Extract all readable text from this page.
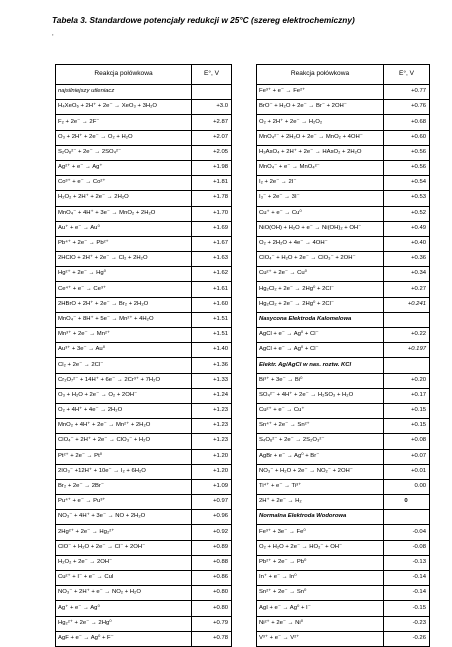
Tabela 3. Standardowe potencjały redukcji w 25°C (szereg elektrochemiczny)
,
Reakcja połówkowa	E°, V
najsilniejszy utleniacz	
H₄XeO₆ + 2H⁺ + 2e⁻ → XeO₃ + 3H₂O	+3.0
F₂ + 2e⁻ → 2F⁻	+2.87
O₃ + 2H⁺ + 2e⁻ → O₂ + H₂O	+2.07
S₂O₈²⁻ + 2e⁻ → 2SO₄²⁻	+2.05
Ag²⁺ + e⁻ → Ag⁺	+1.98
Co³⁺ + e⁻ → Co²⁺	+1.81
H₂O₂ + 2H⁺ + 2e⁻ → 2H₂O	+1.78
MnO₄⁻ + 4H⁺ + 3e⁻ → MnO₂ + 2H₂O	+1.70
Au⁺ + e⁻ → Au⁰	+1.69
Pb⁴⁺ + 2e⁻ → Pb²⁺	+1.67
2HClO + 2H⁺ + 2e⁻ → Cl₂ + 2H₂O	+1.63
Hg²⁺ + 2e⁻ → Hg⁰	+1.62
Ce⁴⁺ + e⁻ → Ce³⁺	+1.61
2HBrO + 2H⁺ + 2e⁻ → Br₂ + 2H₂O	+1.60
MnO₄⁻ + 8H⁺ + 5e⁻ → Mn²⁺ + 4H₂O	+1.51
Mn³⁺ + 2e⁻ → Mn²⁺	+1.51
Au³⁺ + 3e⁻ → Au⁰	+1.40
Cl₂ + 2e⁻ → 2Cl⁻	+1.36
Cr₂O₇²⁻ + 14H⁺ + 6e⁻ → 2Cr³⁺ + 7H₂O	+1.33
O₃ + H₂O + 2e⁻ → O₂ + 2OH⁻	+1.24
O₂ + 4H⁺ + 4e⁻ → 2H₂O	+1.23
MnO₂ + 4H⁺ + 2e⁻ → Mn²⁺ + 2H₂O	+1.23
ClO₄⁻ + 2H⁺ + 2e⁻ → ClO₃⁻ + H₂O	+1.23
Pt²⁺ + 2e⁻ → Pt⁰	+1.20
2IO₃⁻ +12H⁺ + 10e⁻ → I₂ + 6H₂O	+1.20
Br₂ + 2e⁻ → 2Br⁻	+1.09
Pu⁴⁺ + e⁻ → Pu³⁺	+0.97
NO₃⁻ + 4H⁺ + 3e⁻ → NO + 2H₂O	+0.96
2Hg²⁺ + 2e⁻ → Hg₂²⁺	+0.92
ClO⁻ + H₂O + 2e⁻ → Cl⁻ + 2OH⁻	+0.89
H₂O₂ + 2e⁻ → 2OH⁻	+0.88
Cu²⁺ + I⁻ + e⁻ → CuI	+0.86
NO₃⁻ + 2H⁺ + e⁻ → NO₂ + H₂O	+0.80
Ag⁺ + e⁻ → Ag⁰	+0.80
Hg₂²⁺ + 2e⁻ → 2Hg⁰	+0.79
AgF + e⁻ → Ag⁰ + F⁻	+0.78
Reakcja połówkowa	E°, V
Fe³⁺ + e⁻ → Fe²⁺	+0.77
BrO⁻ + H₂O + 2e⁻ → Br⁻ + 2OH⁻	+0.76
O₂ + 2H⁺ + 2e⁻ → H₂O₂	+0.68
MnO₄²⁻ + 2H₂O + 2e⁻ → MnO₂ + 4OH⁻	+0.60
H₃AsO₄ + 2H⁺ + 2e⁻ → HAsO₂ + 2H₂O	+0.56
MnO₄⁻ + e⁻ → MnO₄²⁻	+0.56
I₂ + 2e⁻ → 2I⁻	+0.54
I₃⁻ + 2e⁻ → 3I⁻	+0.53
Cu⁺ + e⁻ → Cu⁰	+0.52
NiO(OH) + H₂O + e⁻ → Ni(OH)₂ + OH⁻	+0.49
O₂ + 2H₂O + 4e⁻ → 4OH⁻	+0.40
ClO₄⁻ + H₂O + 2e⁻ → ClO₃⁻ + 2OH⁻	+0.36
Cu²⁺ + 2e⁻ → Cu⁰	+0.34
Hg₂Cl₂ + 2e⁻ → 2Hg⁰ + 2Cl⁻	+0.27
Hg₂Cl₂ + 2e⁻ → 2Hg⁰ + 2Cl⁻	+0.241
Nasycona Elektroda Kalomelowa	
AgCl + e⁻ → Ag⁰ + Cl⁻	+0.22
AgCl + e⁻ → Ag⁰ + Cl⁻	+0.197
Elektr. Ag/AgCl w nas. roztw. KCl	
Bi³⁺ + 3e⁻ → Bi⁰	+0.20
SO₄²⁻ + 4H⁺ + 2e⁻ → H₂SO₃ + H₂O	+0.17
Cu²⁺ + e⁻ → Cu⁺	+0.15
Sn⁴⁺ + 2e⁻ → Sn²⁺	+0.15
S₄O₆²⁻ + 2e⁻ → 2S₂O₃²⁻	+0.08
AgBr + e⁻ → Ag⁰ + Br⁻	+0.07
NO₃⁻ + H₂O + 2e⁻ → NO₂⁻ + 2OH⁻	+0.01
Ti⁴⁺ + e⁻ → Ti³⁺	0.00
2H⁺ + 2e⁻ → H₂	0
Normalna Elektroda Wodorowa	
Fe³⁺ + 3e⁻ → Fe⁰	-0.04
O₂ + H₂O + 2e⁻ → HO₂⁻ + OH⁻	-0.08
Pb²⁺ + 2e⁻ → Pb⁰	-0.13
In⁺ + e⁻ → In⁰	-0.14
Sn²⁺ + 2e⁻ → Sn⁰	-0.14
AgI + e⁻ → Ag⁰ + I⁻	-0.15
Ni²⁺ + 2e⁻ → Ni⁰	-0.23
V³⁺ + e⁻ → V²⁺	-0.26
